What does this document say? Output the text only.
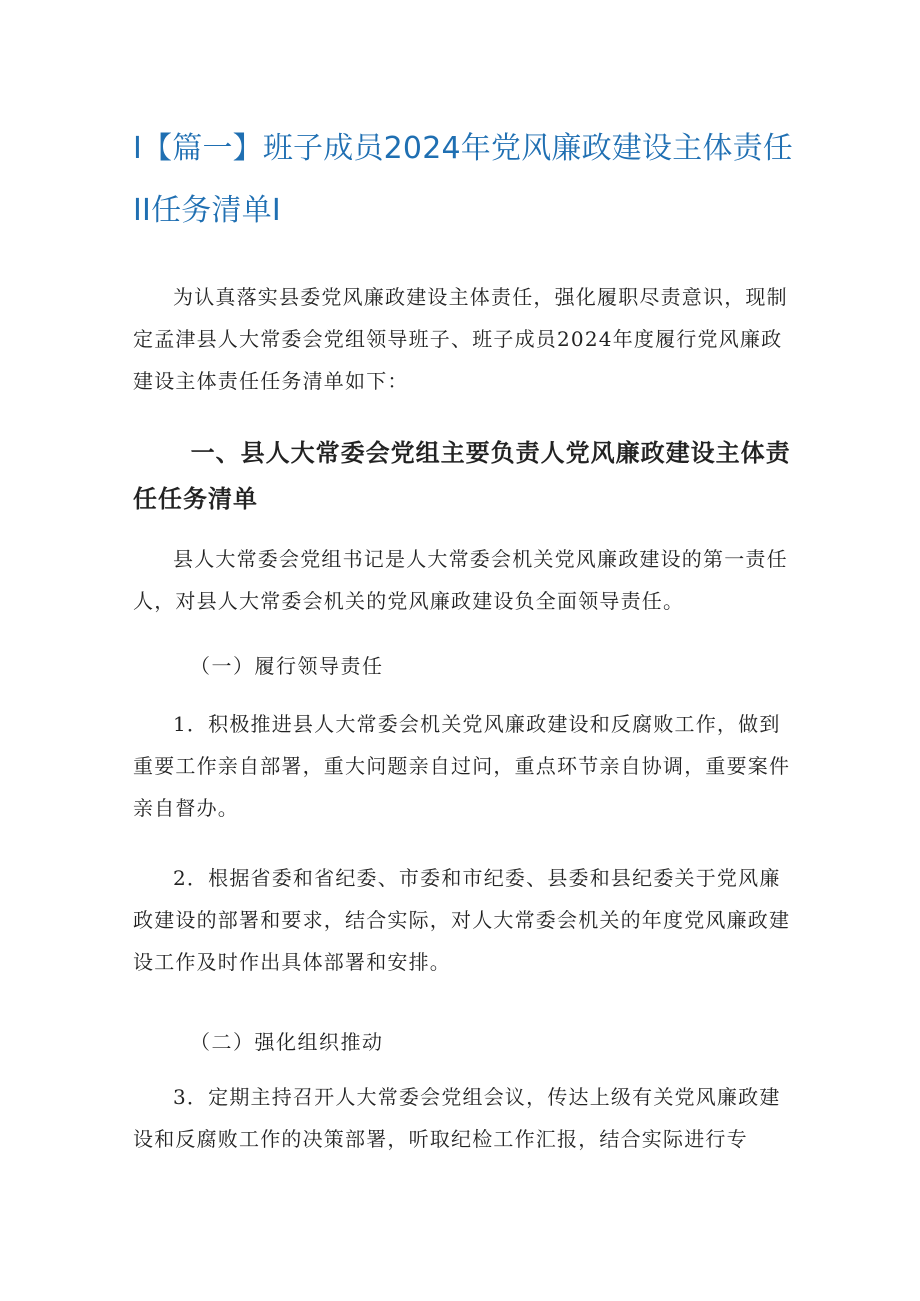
I【篇一】班子成员2024年党风廉政建设主体责任II任务清单I

为认真落实县委党风廉政建设主体责任，强化履职尽责意识，现制定孟津县人大常委会党组领导班子、班子成员2024年度履行党风廉政建设主体责任任务清单如下：

一、县人大常委会党组主要负责人党风廉政建设主体责任任务清单

县人大常委会党组书记是人大常委会机关党风廉政建设的第一责任人，对县人大常委会机关的党风廉政建设负全面领导责任。

（一）履行领导责任

1．积极推进县人大常委会机关党风廉政建设和反腐败工作，做到重要工作亲自部署，重大问题亲自过问，重点环节亲自协调，重要案件亲自督办。

2．根据省委和省纪委、市委和市纪委、县委和县纪委关于党风廉政建设的部署和要求，结合实际，对人大常委会机关的年度党风廉政建设工作及时作出具体部署和安排。

（二）强化组织推动

3．定期主持召开人大常委会党组会议，传达上级有关党风廉政建设和反腐败工作的决策部署，听取纪检工作汇报，结合实际进行专
